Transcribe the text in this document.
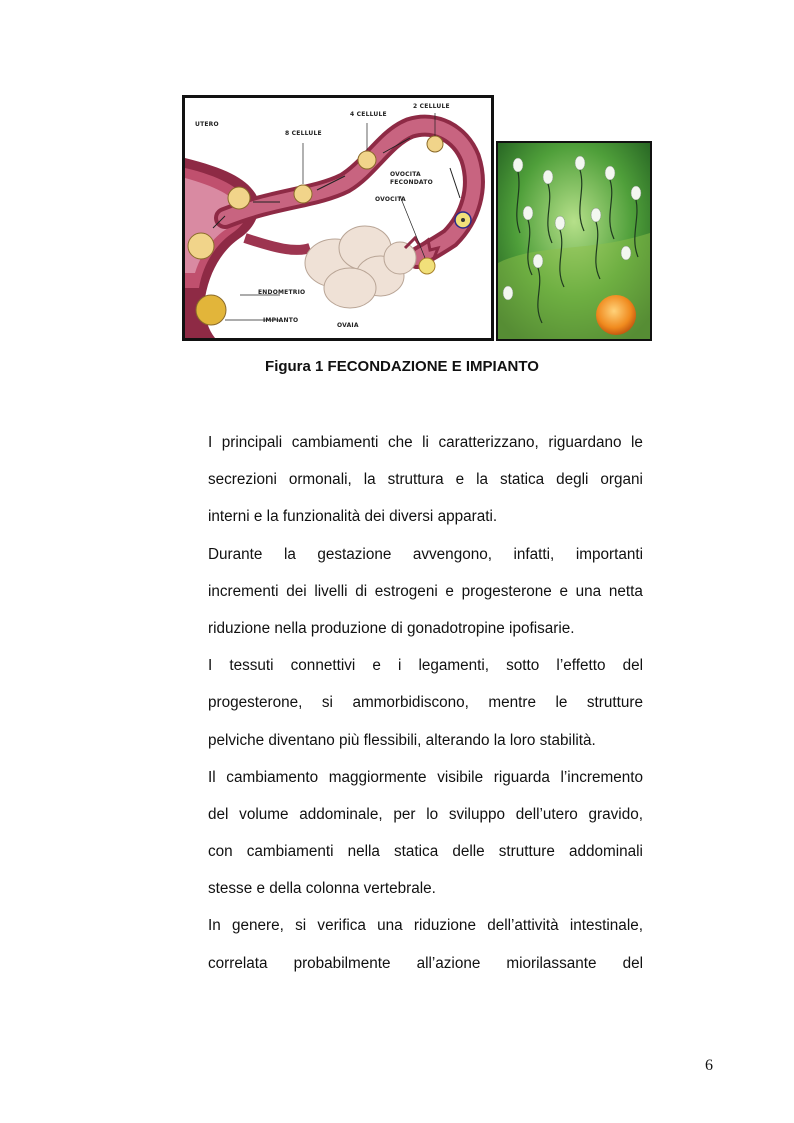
UTERO
8 CELLULE
4 CELLULE
2 CELLULE
OVOCITA
FECONDATO
OVOCITA
ENDOMETRIO
IMPIANTO
OVAIA
Figura 1 FECONDAZIONE E IMPIANTO
I principali cambiamenti che li caratterizzano, riguardano le
secrezioni ormonali, la struttura e la statica degli organi
interni e la funzionalità dei diversi apparati.
Durante la gestazione avvengono, infatti, importanti
incrementi dei livelli di estrogeni e progesterone e una netta
riduzione nella produzione di gonadotropine ipofisarie.
I tessuti connettivi e i legamenti, sotto l’effetto del
progesterone, si ammorbidiscono, mentre le strutture
pelviche diventano più flessibili, alterando la loro stabilità.
Il cambiamento maggiormente visibile riguarda l’incremento
del volume addominale, per lo sviluppo dell’utero gravido,
con cambiamenti nella statica delle strutture addominali
stesse e della colonna vertebrale.
In genere, si verifica una riduzione dell’attività intestinale,
correlata probabilmente all’azione miorilassante del
6
